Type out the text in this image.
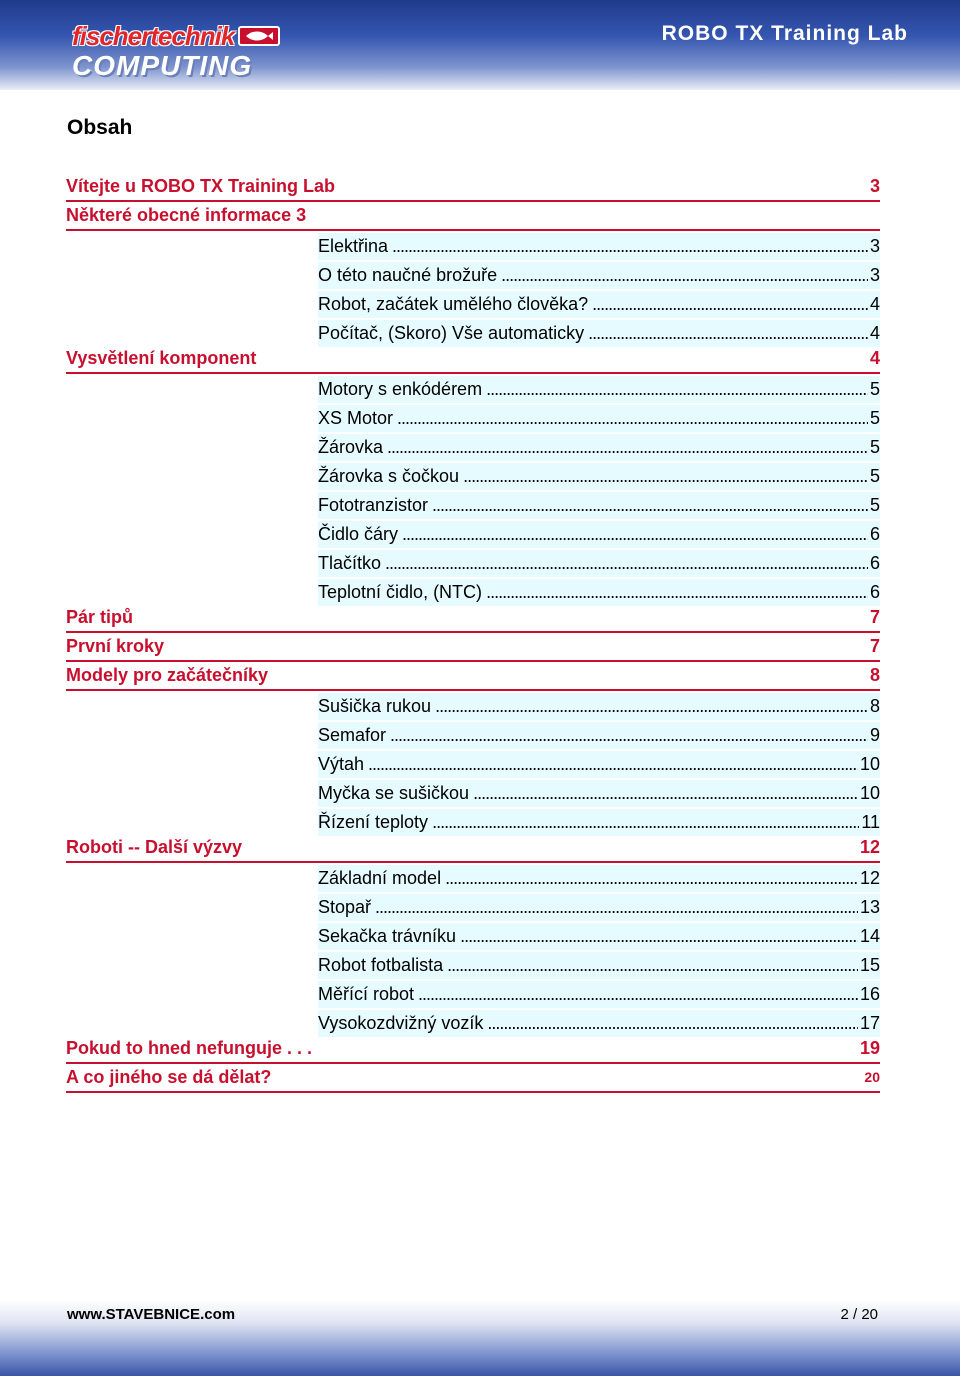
fischertechnik
COMPUTING
ROBO TX Training Lab
Obsah
Vítejte u ROBO TX Training Lab	3
Některé obecné informace 3
Elektřina . . .	3
O této naučné brožuře . . .	3
Robot, začátek umělého člověka? . . .	4
Počítač, (Skoro) Vše automaticky . . .	4
Vysvětlení komponent	4
Motory s enkódérem . . .	5
XS Motor . . .	5
Žárovka . . .	5
Žárovka s čočkou . . .	5
Fototranzistor . . .	5
Čidlo čáry . . .	6
Tlačítko . . .	6
Teplotní čidlo, (NTC) . . .	6
Pár tipů	7
První kroky	7
Modely pro začátečníky	8
Sušička rukou . . .	8
Semafor . . .	9
Výtah . . .	10
Myčka se sušičkou . . .	10
Řízení teploty . . .	11
Roboti -- Další výzvy	12
Základní model . . .	12
Stopař . . .	13
Sekačka trávníku . . .	14
Robot fotbalista . . .	15
Měřící robot . . .	16
Vysokozdvižný vozík . . .	17
Pokud to hned nefunguje . . .	19
A co jiného se dá dělat?	20
www.STAVEBNICE.com	2 / 20
